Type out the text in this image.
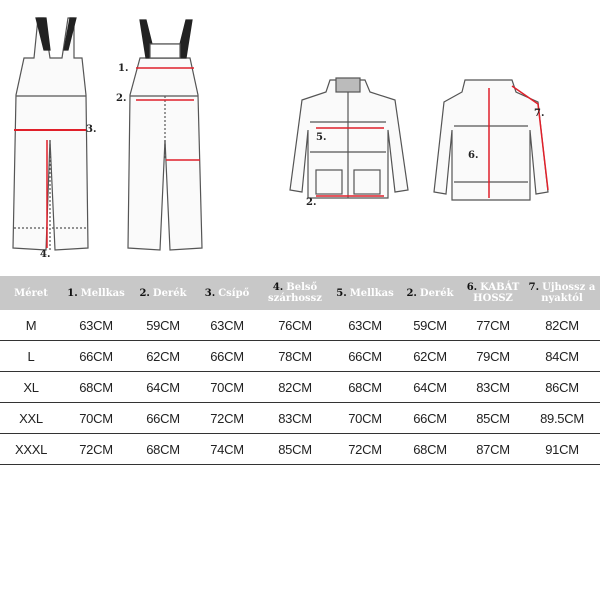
1.
2.
3.
4.
5.
2.
6.
7.
Méret	1. Mellkas	2. Derék	3. Csípő	4. Belső szárhossz	5. Mellkas	2. Derék	6. KABÁT HOSSZ	7. Ujhossz a nyaktól
M	63CM	59CM	63CM	76CM	63CM	59CM	77CM	82CM
L	66CM	62CM	66CM	78CM	66CM	62CM	79CM	84CM
XL	68CM	64CM	70CM	82CM	68CM	64CM	83CM	86CM
XXL	70CM	66CM	72CM	83CM	70CM	66CM	85CM	89.5CM
XXXL	72CM	68CM	74CM	85CM	72CM	68CM	87CM	91CM
